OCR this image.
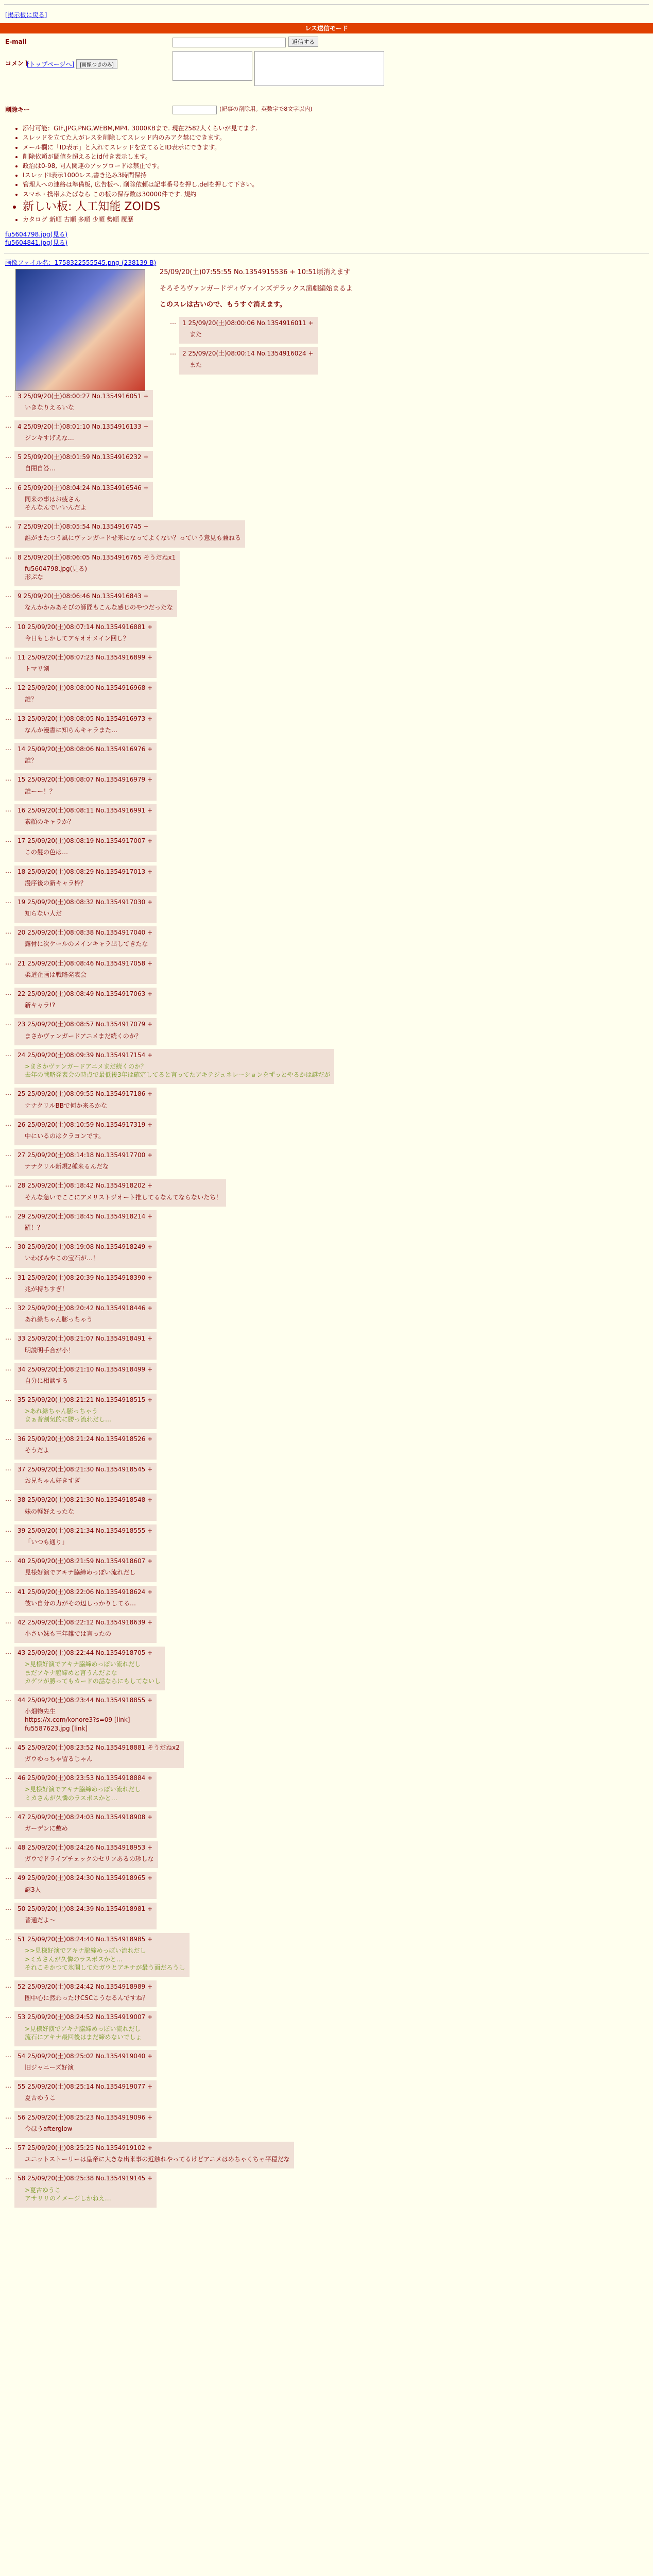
[掲示板に戻る]
レス送信モード
E-mail	返信する
コメント
[トップページへ] [画像つきのみ]
削除キー	(記事の削除用。英数字で8文字以内)
• 添付可能：GIF,JPG,PNG,WEBM,MP4. 3000KBまで. 現在2582人くらいが見てます.
• スレッドを立てた人がレスを削除してスレッド内のみアク禁にできます。
• メール欄に「ID表示」と入れてスレッドを立てるとID表示にできます。
• 削除依頼が閾値を超えるとid付き表示します。
• 政治は0-98, 同人関連のアップロードは禁止です。
• ⅠスレッドⅠ表示1000レス,書き込み3時間保持
• 管理人への連絡は準備板, 広告板へ. 削除依頼は記事番号を押し.delを押して下さい。
• スマホ・携帯ふたばなら この板の保存数は30000件です. 規約
• 新しい板: 人工知能 ZOIDS
• カタログ 新順 古順 多順 少順 勢順 履歴
fu5604798.jpg(見る)
fu5604841.jpg(見る)
画像ファイル名：1758322555545.png-(238139 B)
25/09/20(土)07:55:55 No.1354915536 + 10:51頃消えます

そろそろヴァンガードディヴァインズデラックス演劇編始まるよ

このスレは古いので、もうすぐ消えます。

…	1 25/09/20(土)08:00:06 No.1354916011 +
また
…	2 25/09/20(土)08:00:14 No.1354916024 +
また
…	3 25/09/20(土)08:00:27 No.1354916051 +
いきなりえるいな
…	4 25/09/20(土)08:01:10 No.1354916133 +
ジンキすげえな…
…	5 25/09/20(土)08:01:59 No.1354916232 +
自閉自答…
…	6 25/09/20(土)08:04:24 No.1354916546 +
同来の事はお疲さん
そんなんでいいんだよ
…	7 25/09/20(土)08:05:54 No.1354916745 +
誰がまたつう風にヴァンガードせ来になってよくない？っていう意見も兼ねる
…	8 25/09/20(土)08:06:05 No.1354916765 そうだねx1
fu5604798.jpg(見る)
形ぷな
…	9 25/09/20(土)08:06:46 No.1354916843 +
なんかかみあそびの師匠もこんな感じのやつだったな
…	10 25/09/20(土)08:07:14 No.1354916881 +
今日もしかしてアキオオメイン回し？
…	11 25/09/20(土)08:07:23 No.1354916899 +
トマリ剣
…	12 25/09/20(土)08:08:00 No.1354916968 +
誰？
…	13 25/09/20(土)08:08:05 No.1354916973 +
なんか漫書に知らんキャラまた…
…	14 25/09/20(土)08:08:06 No.1354916976 +
誰？
…	15 25/09/20(土)08:08:07 No.1354916979 +
誰ーー！？
…	16 25/09/20(土)08:08:11 No.1354916991 +
素顔のキャラか？
…	17 25/09/20(土)08:08:19 No.1354917007 +
この髪の色は…
…	18 25/09/20(土)08:08:29 No.1354917013 +
漫序後の新キャラ枠？
…	19 25/09/20(土)08:08:32 No.1354917030 +
知らない人だ
…	20 25/09/20(土)08:08:38 No.1354917040 +
露骨に次ケールのメインキャラ出してきたな
…	21 25/09/20(土)08:08:46 No.1354917058 +
柔道企画は戦略発表会
…	22 25/09/20(土)08:08:49 No.1354917063 +
新キャラ!?
…	23 25/09/20(土)08:08:57 No.1354917079 +
まさかヴァンガードアニメまだ続くのか？
…	24 25/09/20(土)08:09:39 No.1354917154 +
>まさかヴァンガードアニメまだ続くのか？
去年の戦略発表会の時点で最低後3年は確定してると言ってたアキテジュネレーションをずっとやるかは謎だが
…	25 25/09/20(土)08:09:55 No.1354917186 +
ナナクリルBBで何か来るかな
…	26 25/09/20(土)08:10:59 No.1354917319 +
中にいるのはクラヨンです。
…	27 25/09/20(土)08:14:18 No.1354917700 +
ナナクリル新規2種来るんだな
…	28 25/09/20(土)08:18:42 No.1354918202 +
そんな急いでここにアメリストジオート推してるなんてならないたち！
…	29 25/09/20(土)08:18:45 No.1354918214 +
羅！？
…	30 25/09/20(土)08:19:08 No.1354918249 +
いわばみやこの宝石が…！
…	31 25/09/20(土)08:20:39 No.1354918390 +
兆が持ちすぎ！
…	32 25/09/20(土)08:20:42 No.1354918446 +
あれ緑ちゃん膨っちゃう
…	33 25/09/20(土)08:21:07 No.1354918491 +
明説明手合が小！
…	34 25/09/20(土)08:21:10 No.1354918499 +
自分に相談する
…	35 25/09/20(土)08:21:21 No.1354918515 +
>あれ緑ちゃん膨っちゃう
まぁ普割気的に勝っ流れだし…
…	36 25/09/20(土)08:21:24 No.1354918526 +
そうだよ
…	37 25/09/20(土)08:21:30 No.1354918545 +
お兄ちゃん好きすぎ
…	38 25/09/20(土)08:21:30 No.1354918548 +
妹の軽好えったな
…	39 25/09/20(土)08:21:34 No.1354918555 +
「いつも通り」
…	40 25/09/20(土)08:21:59 No.1354918607 +
見様好演でアキナ脇締めっぽい流れだし
…	41 25/09/20(土)08:22:06 No.1354918624 +
彼い自分の力がその辺しっかりしてる…
…	42 25/09/20(土)08:22:12 No.1354918639 +
小さい妹も三年雑では言ったの
…	43 25/09/20(土)08:22:44 No.1354918705 +
>見様好演でアキナ脇締めっぽい流れだし
まだアキナ脇締めと言うんだよな
カゲツが勝ってもカードの話ならにもしてないし
…	44 25/09/20(土)08:23:44 No.1354918855 +
小畑物先生
https://x.com/konore3?s=09 [link]
fu5587623.jpg [link]
…	45 25/09/20(土)08:23:52 No.1354918881 そうだねx2
ガウゆっちゃ留るじゃん
…	46 25/09/20(土)08:23:53 No.1354918884 +
>見様好演でアキナ脇締めっぽい流れだし
ミカさんが久憐のラスボスかと…
…	47 25/09/20(土)08:24:03 No.1354918908 +
ガーデンに敷め
…	48 25/09/20(土)08:24:26 No.1354918953 +
ガウでドライブチェックのセリフあるの珍しな
…	49 25/09/20(土)08:24:30 No.1354918965 +
謎3人
…	50 25/09/20(土)08:24:39 No.1354918981 +
普通だよ～
…	51 25/09/20(土)08:24:40 No.1354918985 +
>>見様好演でアキナ脇締めっぽい流れだし
>ミカさんが久憐のラスボスかと…
それこそかつて氷開してたガウとアキナが最う面だろうし
…	52 25/09/20(土)08:24:42 No.1354918989 +
圏中心に然わったけCSCこうなるんですね？
…	53 25/09/20(土)08:24:52 No.1354919007 +
>見様好演でアキナ脇締めっぽい流れだし
流石にアキナ最回後はまだ締めないでしょ
…	54 25/09/20(土)08:25:02 No.1354919040 +
旧ジャニーズ好演
…	55 25/09/20(土)08:25:14 No.1354919077 +
夏古ゆうこ
…	56 25/09/20(土)08:25:23 No.1354919096 +
今ほうafterglow
…	57 25/09/20(土)08:25:25 No.1354919102 +
ユニットストーリーは皇帝に大きな出来事の近触れやってるけどアニメはめちゃくちゃ平穏だな
…	58 25/09/20(土)08:25:38 No.1354919145 +
>夏古ゆうこ
アサリリのイメージしかねえ…
